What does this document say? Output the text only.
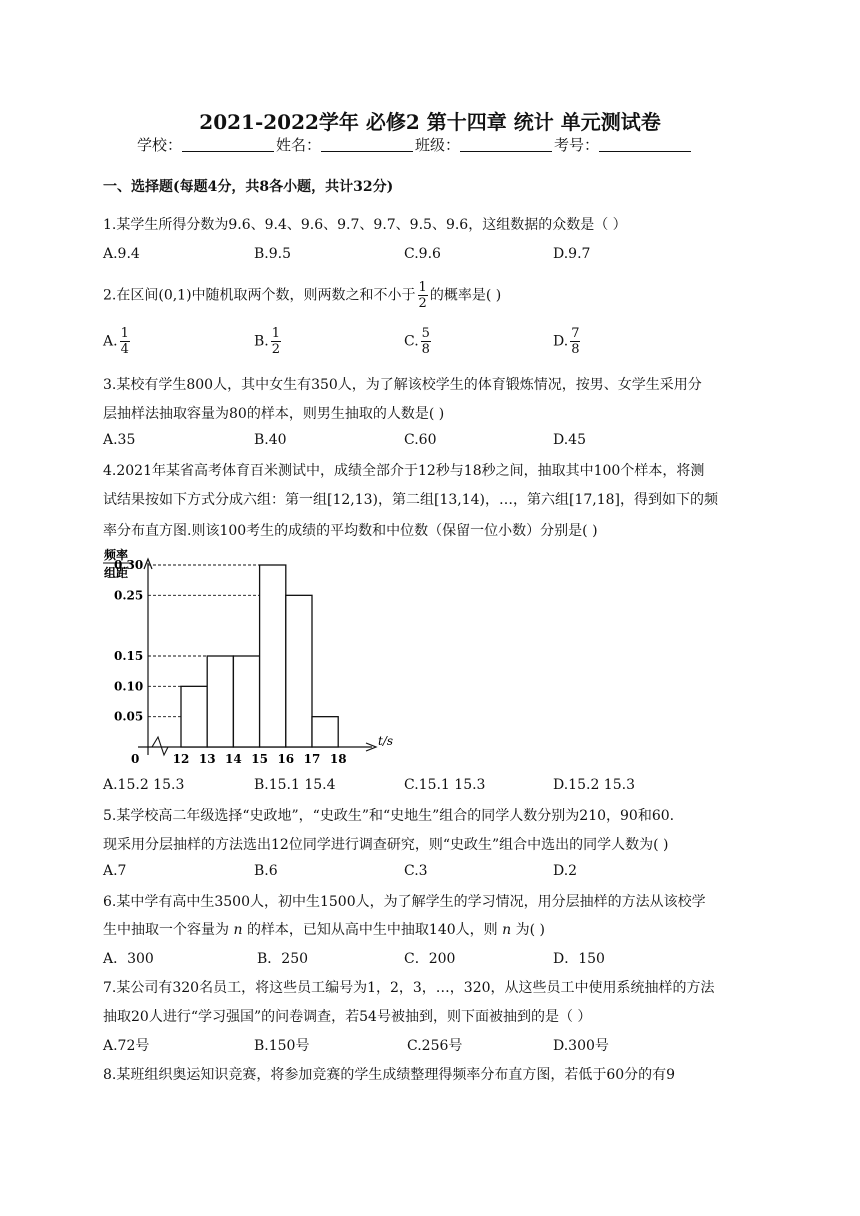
2021-2022学年 必修2 第十四章 统计 单元测试卷
学校：	姓名：	班级：	考号：
一、选择题(每题4分，共8各小题，共计32分)
1.某学生所得分数为9.6、9.4、9.6、9.7、9.7、9.5、9.6，这组数据的众数是（ ）
A.9.4	B.9.5	C.9.6	D.9.7
2.在区间(0,1)中随机取两个数，则两数之和不小于 $\frac{1}{2}$ 的概率是( )
A. $\frac{1}{4}$	B. $\frac{1}{2}$	C. $\frac{5}{8}$	D. $\frac{7}{8}$
3.某校有学生800人，其中女生有350人，为了解该校学生的体育锻炼情况，按男、女学生采用分
层抽样法抽取容量为80的样本，则男生抽取的人数是( )
A.35	B.40	C.60	D.45
4.2021年某省高考体育百米测试中，成绩全部介于12秒与18秒之间，抽取其中100个样本，将测
试结果按如下方式分成六组：第一组[12,13)，第二组[13,14)，…，第六组[17,18]，得到如下的频
率分布直方图.则该100考生的成绩的平均数和中位数（保留一位小数）分别是( )
频率
组距
0
0.30
0.25
0.15
0.10
0.05
12 13 14 15 16 17 18
t/s
A.15.2 15.3	B.15.1 15.4	C.15.1 15.3	D.15.2 15.3
5.某学校高二年级选择“史政地”，“史政生”和“史地生”组合的同学人数分别为210，90和60.
现采用分层抽样的方法选出12位同学进行调查研究，则“史政生”组合中选出的同学人数为( )
A.7	B.6	C.3	D.2
6.某中学有高中生3500人，初中生1500人，为了解学生的学习情况，用分层抽样的方法从该校学
生中抽取一个容量为 n 的样本，已知从高中生中抽取140人，则 n 为( )
A．300	B．250	C．200	D．150
7.某公司有320名员工，将这些员工编号为1，2，3，…，320，从这些员工中使用系统抽样的方法
抽取20人进行“学习强国”的问卷调查，若54号被抽到，则下面被抽到的是（ ）
A.72号	B.150号	C.256号	D.300号
8.某班组织奥运知识竞赛，将参加竞赛的学生成绩整理得频率分布直方图，若低于60分的有9
